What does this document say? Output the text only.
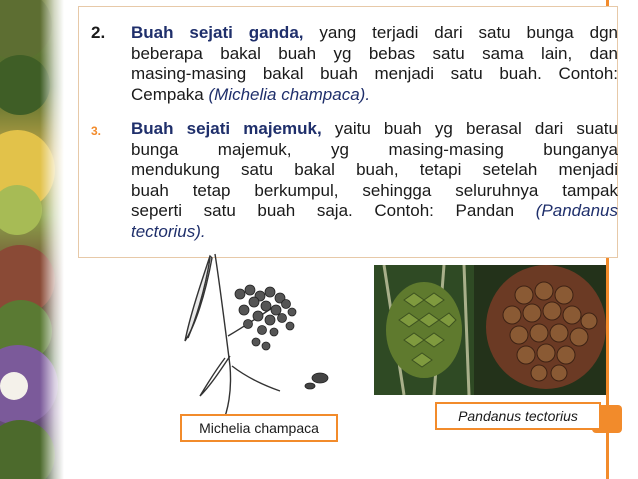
2. Buah sejati ganda, yang terjadi dari satu bunga dgn
beberapa bakal buah yg bebas satu sama lain, dan
masing-masing bakal buah menjadi satu buah. Contoh:
Cempaka (Michelia champaca).
3. Buah sejati majemuk, yaitu buah yg berasal dari suatu
bunga majemuk, yg masing-masing bunganya
mendukung satu bakal buah, tetapi setelah menjadi
buah tetap berkumpul, sehingga seluruhnya tampak
seperti satu buah saja. Contoh: Pandan (Pandanus
tectorius).
Michelia champaca
Pandanus tectorius
